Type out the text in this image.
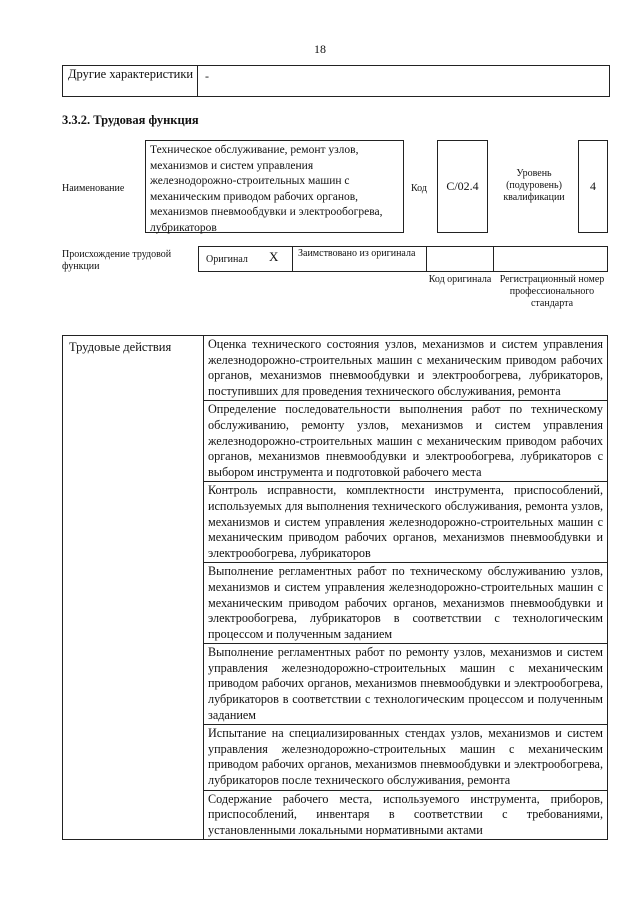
18
Другие характеристики -
3.3.2. Трудовая функция
Наименование
Техническое обслуживание, ремонт узлов, механизмов и систем управления железнодорожно-строительных машин с механическим приводом рабочих органов, механизмов пневмообдувки и электрообогрева, лубрикаторов
Код C/02.4
Уровень (подуровень) квалификации
4
Происхождение трудовой функции
Оригинал X Заимствовано из оригинала
Код оригинала Регистрационный номер профессионального стандарта
Трудовые действия	Оценка технического состояния узлов, механизмов и систем управления железнодорожно-строительных машин с механическим приводом рабочих органов, механизмов пневмообдувки и электрообогрева, лубрикаторов, поступивших для проведения технического обслуживания, ремонта
Определение последовательности выполнения работ по техническому обслуживанию, ремонту узлов, механизмов и систем управления железнодорожно-строительных машин с механическим приводом рабочих органов, механизмов пневмообдувки и электрообогрева, лубрикаторов с выбором инструмента и подготовкой рабочего места
Контроль исправности, комплектности инструмента, приспособлений, используемых для выполнения технического обслуживания, ремонта узлов, механизмов и систем управления железнодорожно-строительных машин с механическим приводом рабочих органов, механизмов пневмообдувки и электрообогрева, лубрикаторов
Выполнение регламентных работ по техническому обслуживанию узлов, механизмов и систем управления железнодорожно-строительных машин с механическим приводом рабочих органов, механизмов пневмообдувки и электрообогрева, лубрикаторов в соответствии с технологическим процессом и полученным заданием
Выполнение регламентных работ по ремонту узлов, механизмов и систем управления железнодорожно-строительных машин с механическим приводом рабочих органов, механизмов пневмообдувки и электрообогрева, лубрикаторов в соответствии с технологическим процессом и полученным заданием
Испытание на специализированных стендах узлов, механизмов и систем управления железнодорожно-строительных машин с механическим приводом рабочих органов, механизмов пневмообдувки и электрообогрева, лубрикаторов после технического обслуживания, ремонта
Содержание рабочего места, используемого инструмента, приборов, приспособлений, инвентаря в соответствии с требованиями, установленными локальными нормативными актами
